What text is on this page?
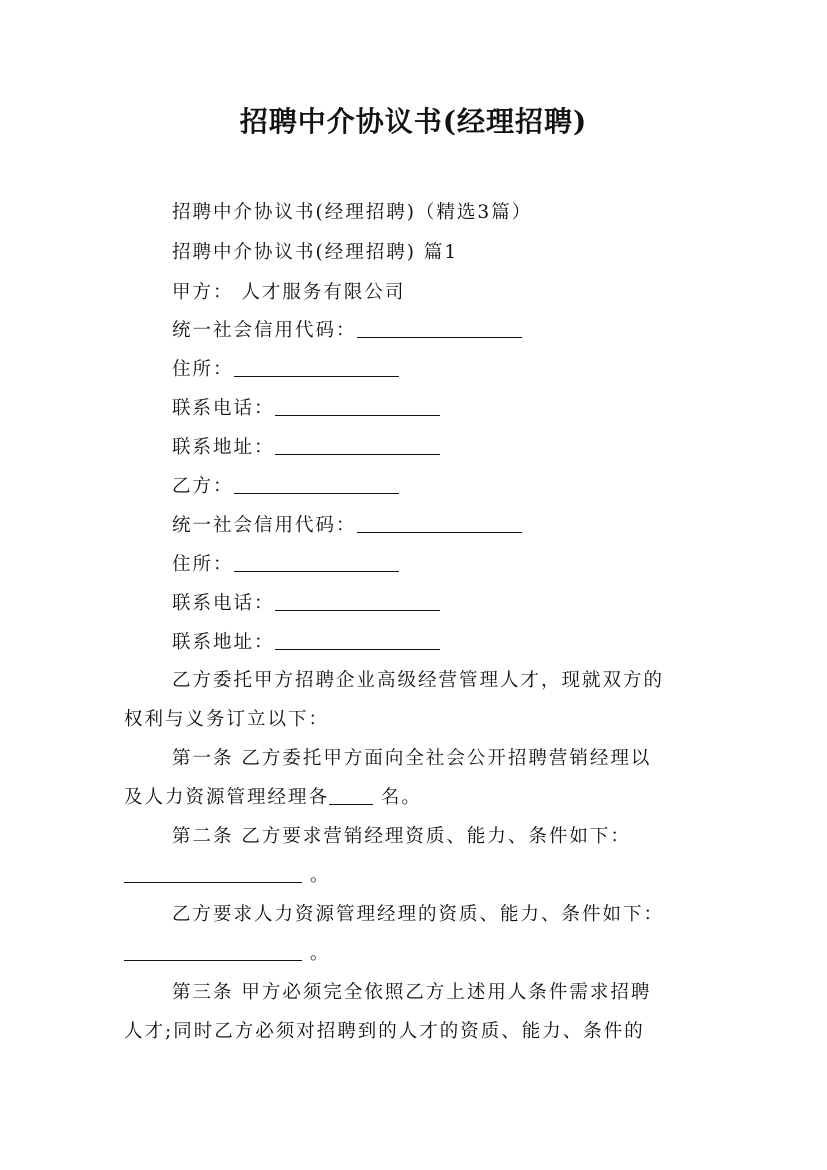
招聘中介协议书(经理招聘)
招聘中介协议书(经理招聘)（精选3篇）
招聘中介协议书(经理招聘) 篇1
甲方： 人才服务有限公司
统一社会信用代码：
住所：
联系电话：
联系地址：
乙方：
统一社会信用代码：
住所：
联系电话：
联系地址：
乙方委托甲方招聘企业高级经营管理人才，现就双方的
权利与义务订立以下：
第一条 乙方委托甲方面向全社会公开招聘营销经理以
及人力资源管理经理各 名。
第二条 乙方要求营销经理资质、能力、条件如下：
。
乙方要求人力资源管理经理的资质、能力、条件如下：
。
第三条 甲方必须完全依照乙方上述用人条件需求招聘
人才;同时乙方必须对招聘到的人才的资质、能力、条件的
